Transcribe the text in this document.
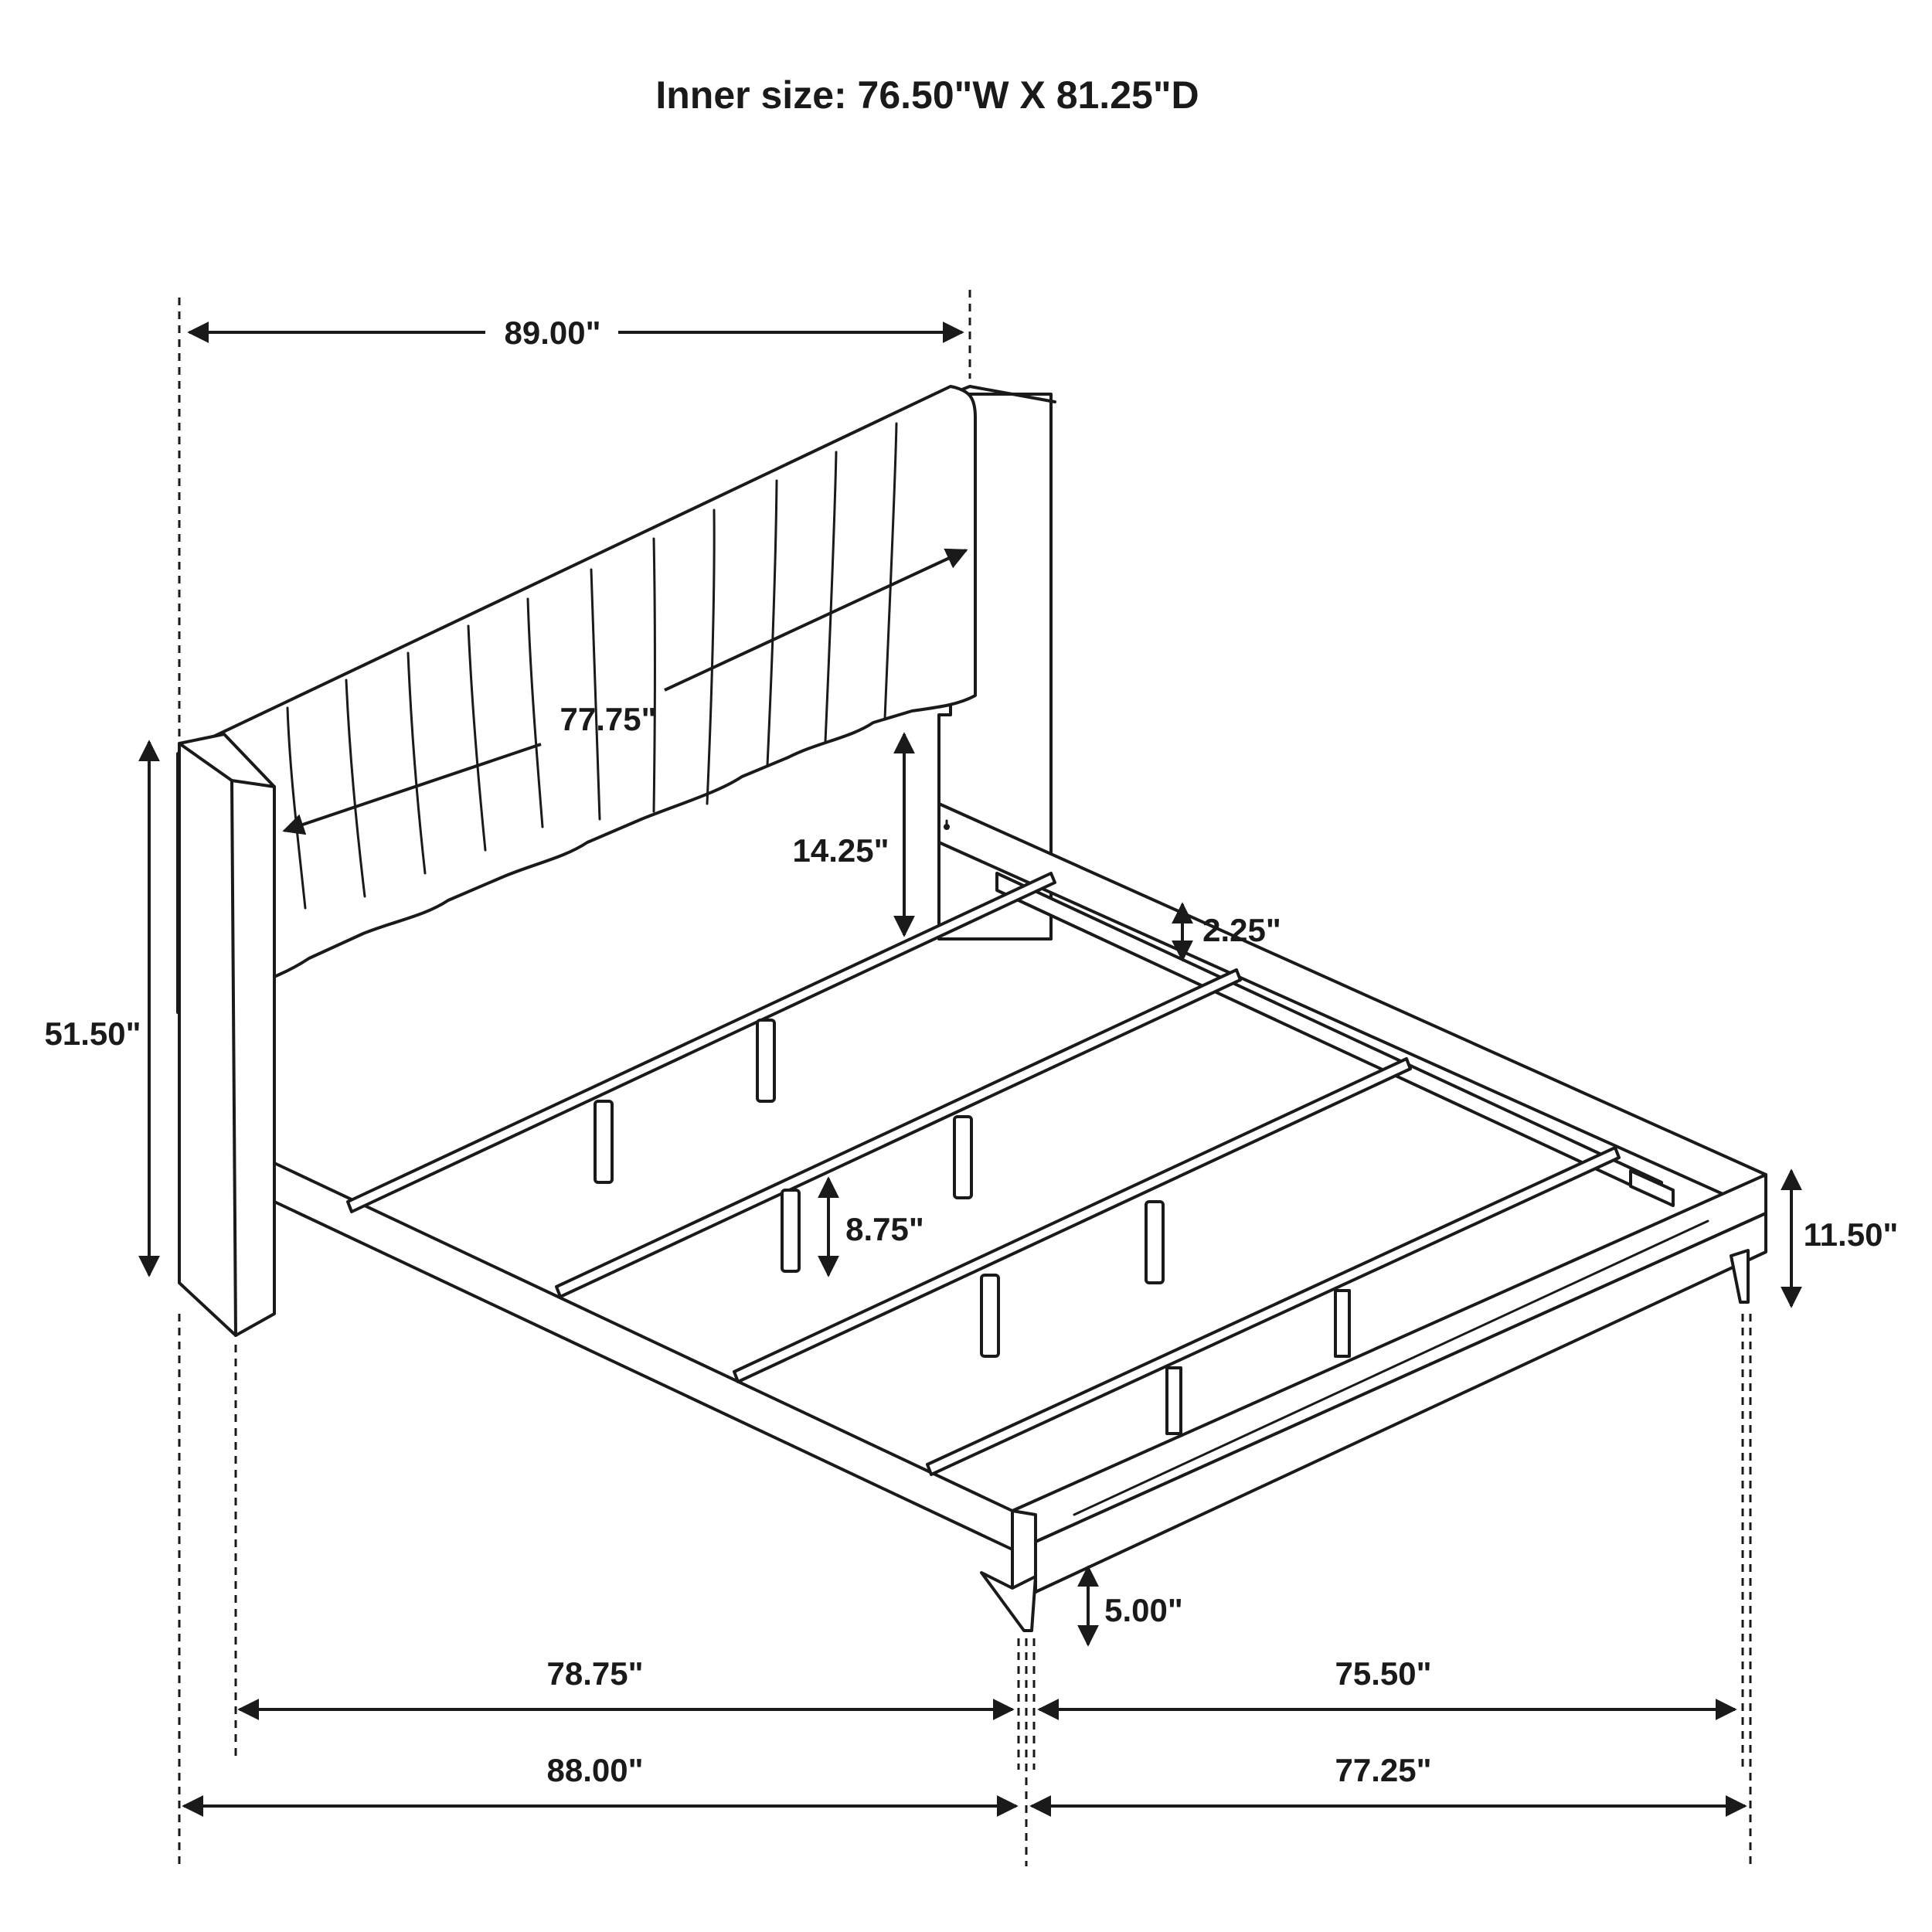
Inner size: 76.50"W X 81.25"D
89.00"
77.75"
51.50"
14.25"
2.25"
8.75"	11.50"
5.00"
78.75"	75.50"
88.00"	77.25"
